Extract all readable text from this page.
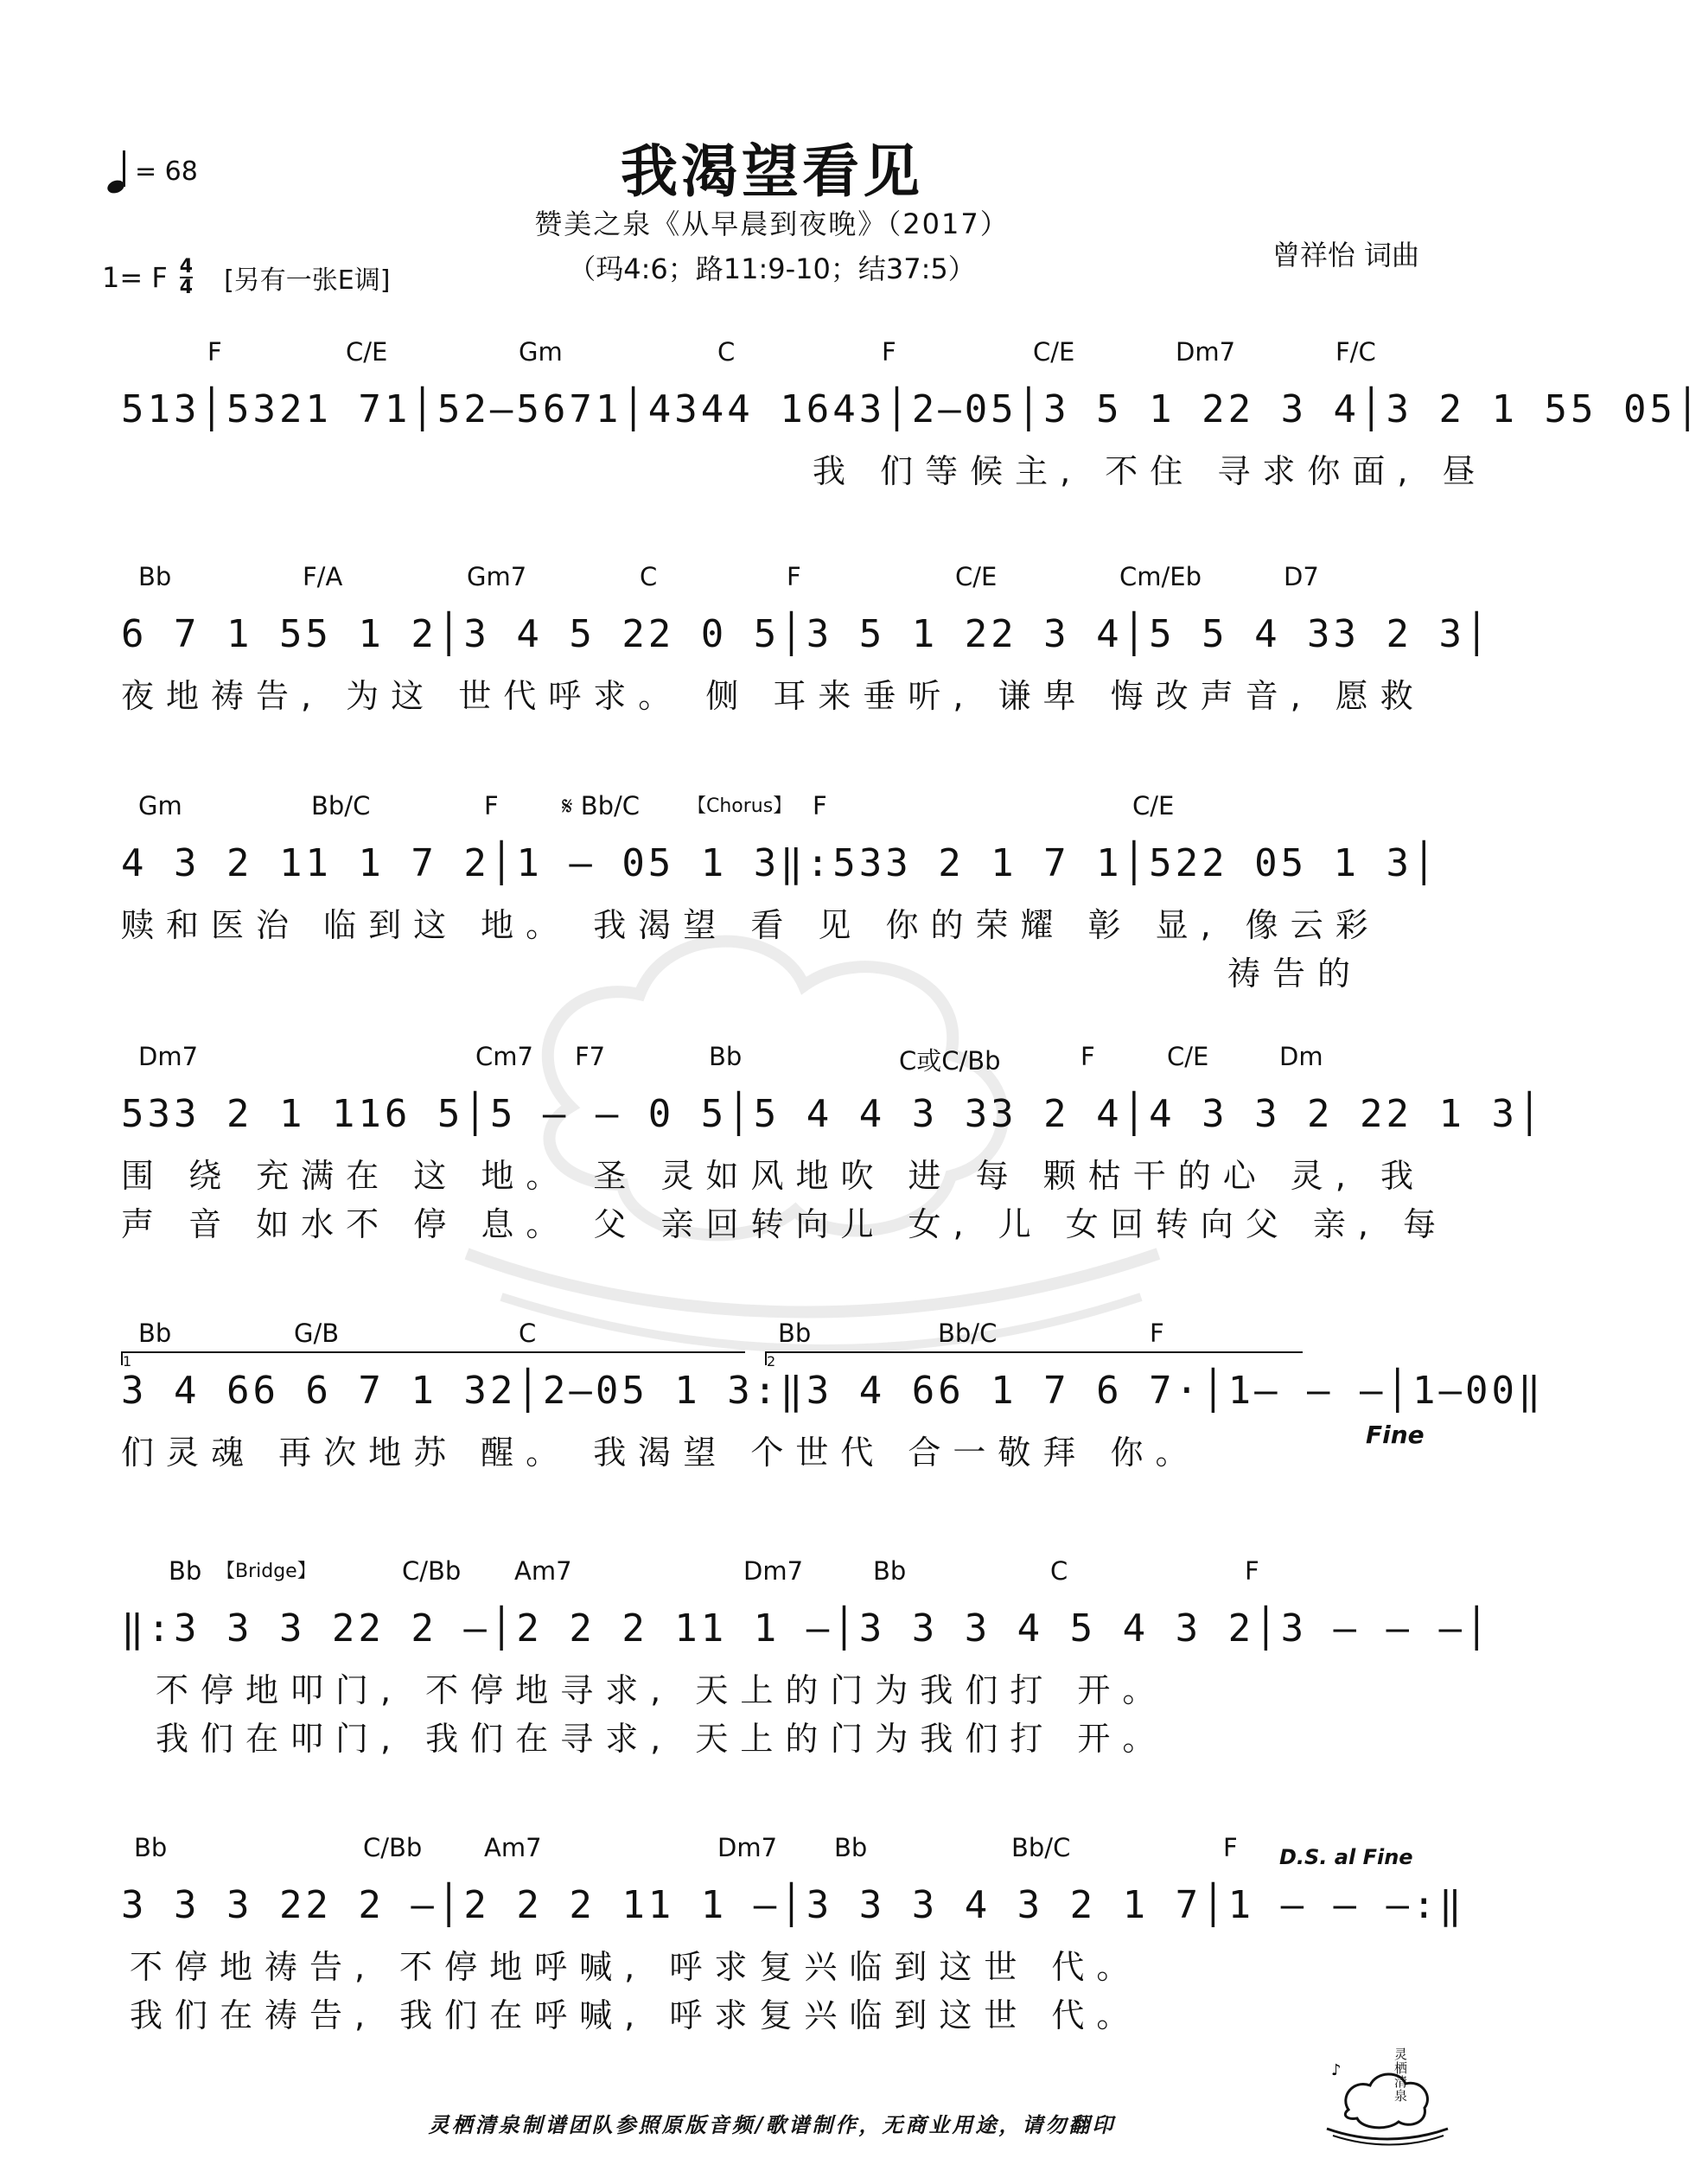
= 68	我渴望看见
赞美之泉《从早晨到夜晚》（2017）
（玛4:6；路11:9-10；结37:5）
1= F 4
4 [另有一张E调]
曾祥怡 词曲
F	C/E	Gm	C	F	C/E	Dm7	F/C
513│5321 71│52–5671│4344 1643│2—05│3 5 1 22 3 4│3 2 1 55 05│
我 们等候主, 不住 寻求你面, 昼
Bb	F/A	Gm7	C	F	C/E	Cm/Eb	D7
6 7 1 55 1 2│3 4 5 22 0 5│3 5 1 22 3 4│5 5 4 33 2 3│
夜地祷告, 为这 世代呼求。 侧 耳来垂听, 谦卑 悔改声音, 愿救
Gm	Bb/C	F	𝄋 Bb/C 【Chorus】 F	C/E
4 3 2 11 1 7 2│1 – 05 1 3‖:533 2 1 7 1│522 05 1 3│
赎和医治 临到这 地。 我渴望 看 见 你的荣耀 彰 显, 像云彩
祷告的
Dm7	Cm7 F7	Bb	C或C/Bb	F	C/E	Dm
533 2 1 116 5│5 – – 0 5│5 4 4 3 33 2 4│4 3 3 2 22 1 3│
围 绕 充满在 这 地。 圣 灵如风地吹 进 每 颗枯干的心 灵, 我
声 音 如水不 停 息。 父 亲回转向儿 女, 儿 女回转向父 亲, 每
Bb	G/B	C	Bb	Bb/C	F
3 4 66 6 7 1 32│2–05 1 3:‖3 4 66 1 7 6 7·│1– – –│1–00‖
1	2
们灵魂 再次地苏 醒。 我渴望 个世代 合一敬拜 你。	Fine
Bb 【Bridge】	C/Bb Am7	Dm7	Bb	C	F
‖:3 3 3 22 2 –│2 2 2 11 1 –│3 3 3 4 5 4 3 2│3 – – –│
不停地叩门, 不停地寻求, 天上的门为我们打 开。
我们在叩门, 我们在寻求, 天上的门为我们打 开。
Bb	C/Bb Am7	Dm7 Bb	Bb/C	F
3 3 3 22 2 –│2 2 2 11 1 –│3 3 3 4 3 2 1 7│1 – – –:‖
不停地祷告, 不停地呼喊, 呼求复兴临到这世 代。
我们在祷告, 我们在呼喊, 呼求复兴临到这世 代。
D.S. al Fine
灵栖清泉制谱团队参照原版音频/歌谱制作，无商业用途，请勿翻印
♪	灵栖清泉
